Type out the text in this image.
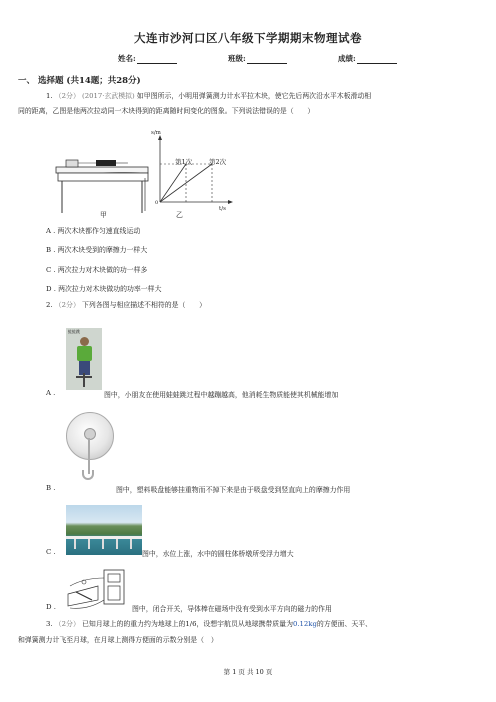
大连市沙河口区八年级下学期期末物理试卷
姓名:	班级:	成绩:
一、 选择题 (共14题；共28分)
1. （2分） (2017·玄武模拟) 如甲图所示，小明用弹簧测力计水平拉木块，使它先后两次沿水平木板滑动相
同的距离，乙图是他两次拉动同一木块得到的距离随时间变化的图象。下列说法错误的是（　　）
甲
s/m
t/s
0
第1次	第2次
乙
A . 两次木块都作匀速直线运动
B . 两次木块受到的摩擦力一样大
C . 两次拉力对木块做的功一样多
D . 两次拉力对木块做功的功率一样大
2. （2分） 下列各图与相应描述不相符的是（　　）
蛙蛙跳
A .	图中，小朋友在使用蛙蛙跳过程中越蹦越高，他消耗生物质能使其机械能增加
B .	图中，塑料吸盘能够挂重物而不掉下来是由于吸盘受到竖直向上的摩擦力作用
C .	图中，水位上涨，水中的圆柱体桥墩所受浮力增大
D .	图中，闭合开关，导体棒在磁场中没有受到水平方向的磁力的作用
3. （2分） 已知月球上的的重力约为地球上的1/6，设想宇航员从地球携带质量为0.12kg的方便面、天平、
和弹簧测力计飞至月球，在月球上测得方便面的示数分别是（　）
第 1 页 共 10 页
